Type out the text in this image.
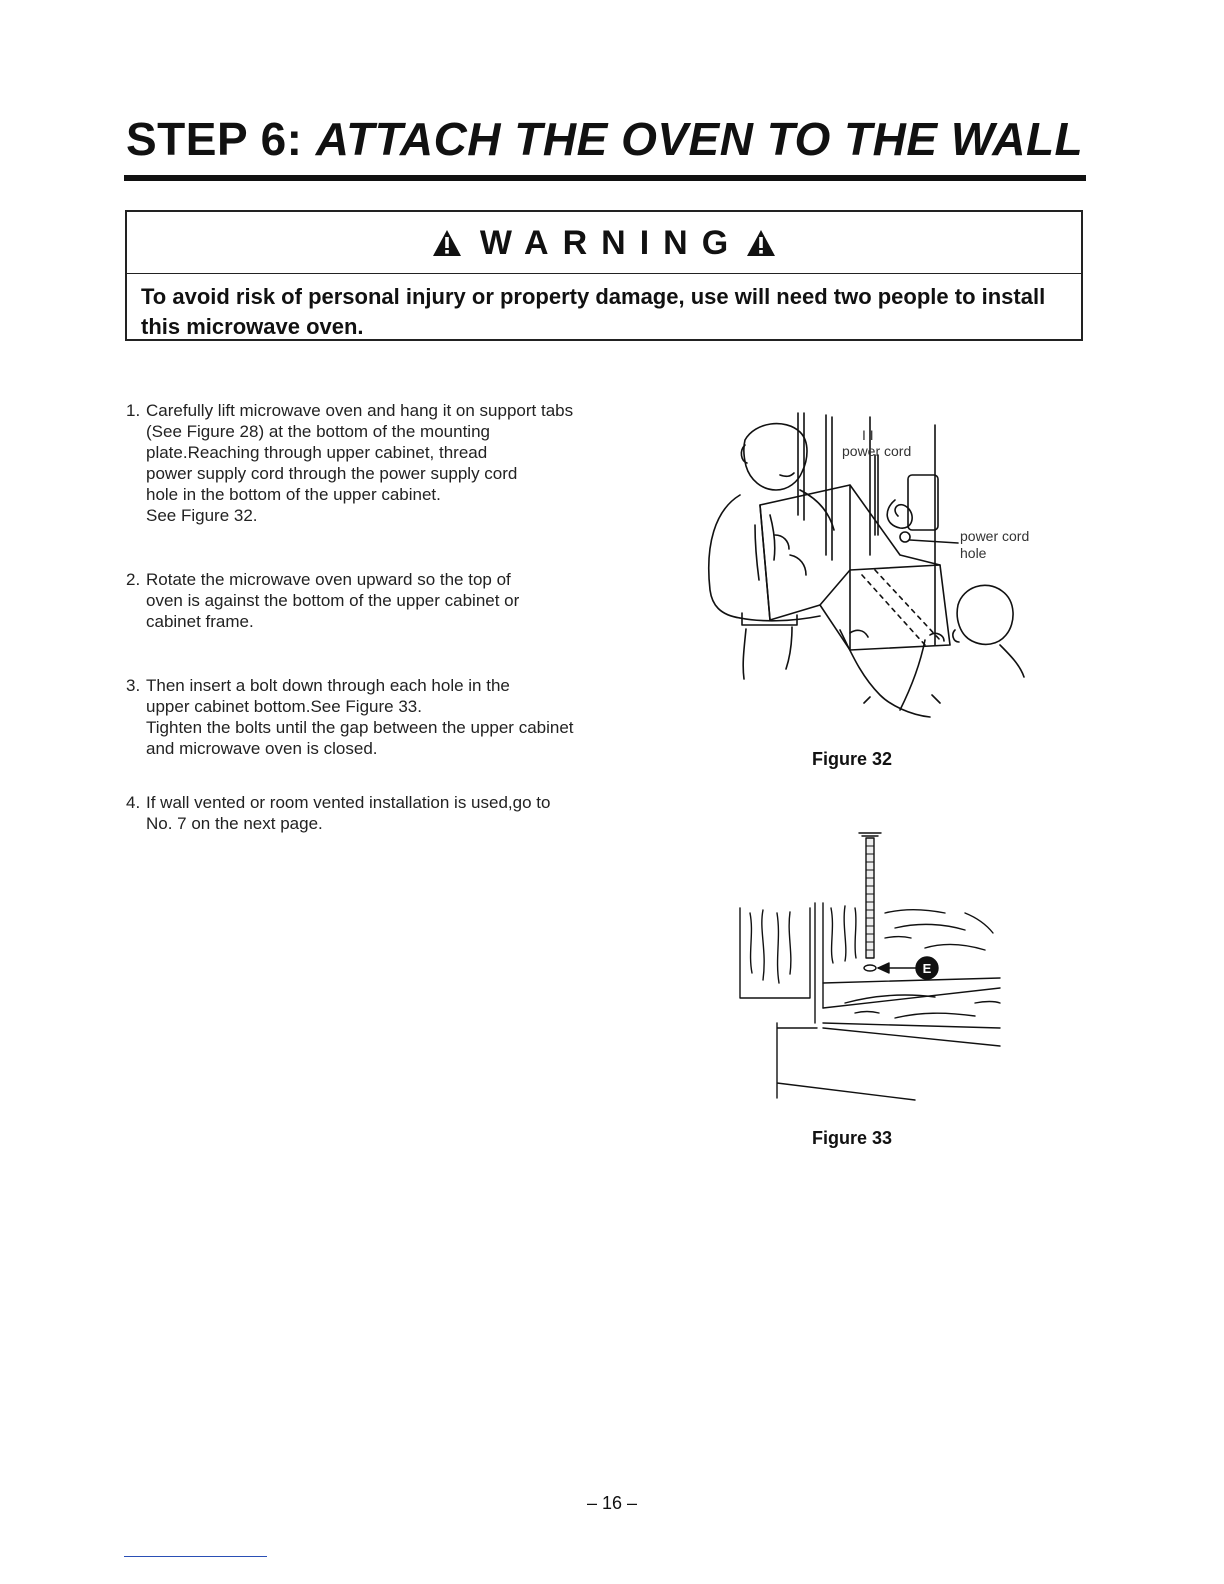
STEP 6: ATTACH THE OVEN TO THE WALL
WARNING
To avoid risk of personal injury or property damage, use will need two people to install this microwave oven.
1. Carefully lift microwave oven and hang it on support tabs
(See Figure 28) at the bottom of the mounting
plate.Reaching through upper cabinet, thread
power supply cord through the power supply cord
hole in the bottom of the upper cabinet.
See Figure 32.
2. Rotate the microwave oven upward so the top of
oven is against the bottom of the upper cabinet or
cabinet frame.
3. Then insert a bolt down through each hole in the
upper cabinet bottom.See Figure 33.
Tighten the bolts until the gap between the upper cabinet
and microwave oven is closed.
4. If wall vented or room vented installation is used,go to
No. 7 on the next page.
I I
power cord
power cord
hole
Figure 32
E
Figure 33
– 16 –
